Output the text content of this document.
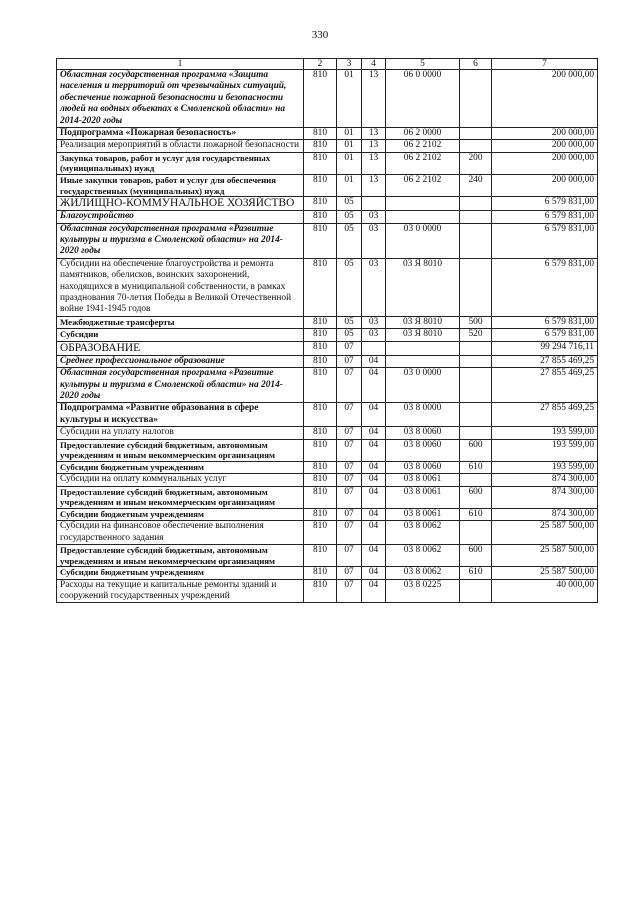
330
1	2	3	4	5	6	7
Областная государственная программа «Защита населения и территорий от чрезвычайных ситуаций, обеспечение пожарной безопасности и безопасности людей на водных объектах в Смоленской области» на 2014-2020 годы	810	01	13	06 0 0000		200 000,00
Подпрограмма «Пожарная безопасность»	810	01	13	06 2 0000		200 000,00
Реализация мероприятий в области пожарной безопасности	810	01	13	06 2 2102		200 000,00
Закупка товаров, работ и услуг для государственных (муниципальных) нужд	810	01	13	06 2 2102	200	200 000,00
Иные закупки товаров, работ и услуг для обеспечения государственных (муниципальных) нужд	810	01	13	06 2 2102	240	200 000,00
ЖИЛИЩНО-КОММУНАЛЬНОЕ ХОЗЯЙСТВО	810	05				6 579 831,00
Благоустройство	810	05	03			6 579 831,00
Областная государственная программа «Развитие культуры и туризма в Смоленской области» на 2014-2020 годы	810	05	03	03 0 0000		6 579 831,00
Субсидии на обеспечение благоустройства и ремонта памятников, обелисков, воинских захоронений, находящихся в муниципальной собственности, в рамках празднования 70-летия Победы в Великой Отечественной войне 1941-1945 годов	810	05	03	03 Я 8010		6 579 831,00
Межбюджетные трансферты	810	05	03	03 Я 8010	500	6 579 831,00
Субсидии	810	05	03	03 Я 8010	520	6 579 831,00
ОБРАЗОВАНИЕ	810	07				99 294 716,11
Среднее профессиональное образование	810	07	04			27 855 469,25
Областная государственная программа «Развитие культуры и туризма в Смоленской области» на 2014-2020 годы	810	07	04	03 0 0000		27 855 469,25
Подпрограмма «Развитие образования в сфере культуры и искусства»	810	07	04	03 8 0000		27 855 469,25
Субсидии на уплату налогов	810	07	04	03 8 0060		193 599,00
Предоставление субсидий бюджетным, автономным учреждениям и иным некоммерческим организациям	810	07	04	03 8 0060	600	193 599,00
Субсидии бюджетным учреждениям	810	07	04	03 8 0060	610	193 599,00
Субсидии на оплату коммунальных услуг	810	07	04	03 8 0061		874 300,00
Предоставление субсидий бюджетным, автономным учреждениям и иным некоммерческим организациям	810	07	04	03 8 0061	600	874 300,00
Субсидии бюджетным учреждениям	810	07	04	03 8 0061	610	874 300,00
Субсидии на финансовое обеспечение выполнения государственного задания	810	07	04	03 8 0062		25 587 500,00
Предоставление субсидий бюджетным, автономным учреждениям и иным некоммерческим организациям	810	07	04	03 8 0062	600	25 587 500,00
Субсидии бюджетным учреждениям	810	07	04	03 8 0062	610	25 587 500,00
Расходы на текущие и капитальные ремонты зданий и сооружений государственных учреждений	810	07	04	03 8 0225		40 000,00
